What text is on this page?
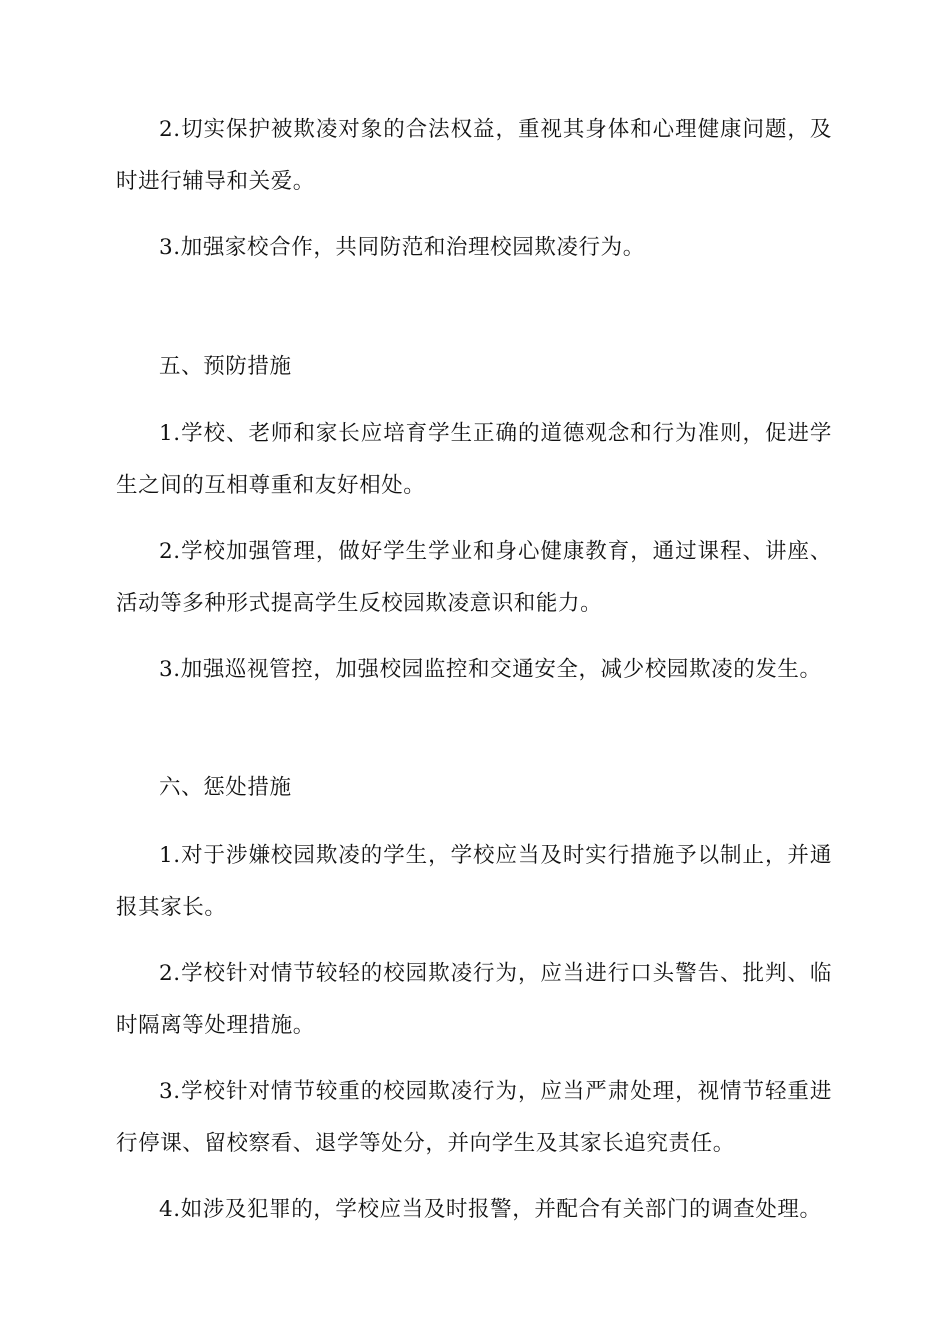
2.切实保护被欺凌对象的合法权益，重视其身体和心理健康问题，及时进行辅导和关爱。

3.加强家校合作，共同防范和治理校园欺凌行为。

五、预防措施

1.学校、老师和家长应培育学生正确的道德观念和行为准则，促进学生之间的互相尊重和友好相处。

2.学校加强管理，做好学生学业和身心健康教育，通过课程、讲座、活动等多种形式提高学生反校园欺凌意识和能力。

3.加强巡视管控，加强校园监控和交通安全，减少校园欺凌的发生。

六、惩处措施

1.对于涉嫌校园欺凌的学生，学校应当及时实行措施予以制止，并通报其家长。

2.学校针对情节较轻的校园欺凌行为，应当进行口头警告、批判、临时隔离等处理措施。

3.学校针对情节较重的校园欺凌行为，应当严肃处理，视情节轻重进行停课、留校察看、退学等处分，并向学生及其家长追究责任。

4.如涉及犯罪的，学校应当及时报警，并配合有关部门的调查处理。
